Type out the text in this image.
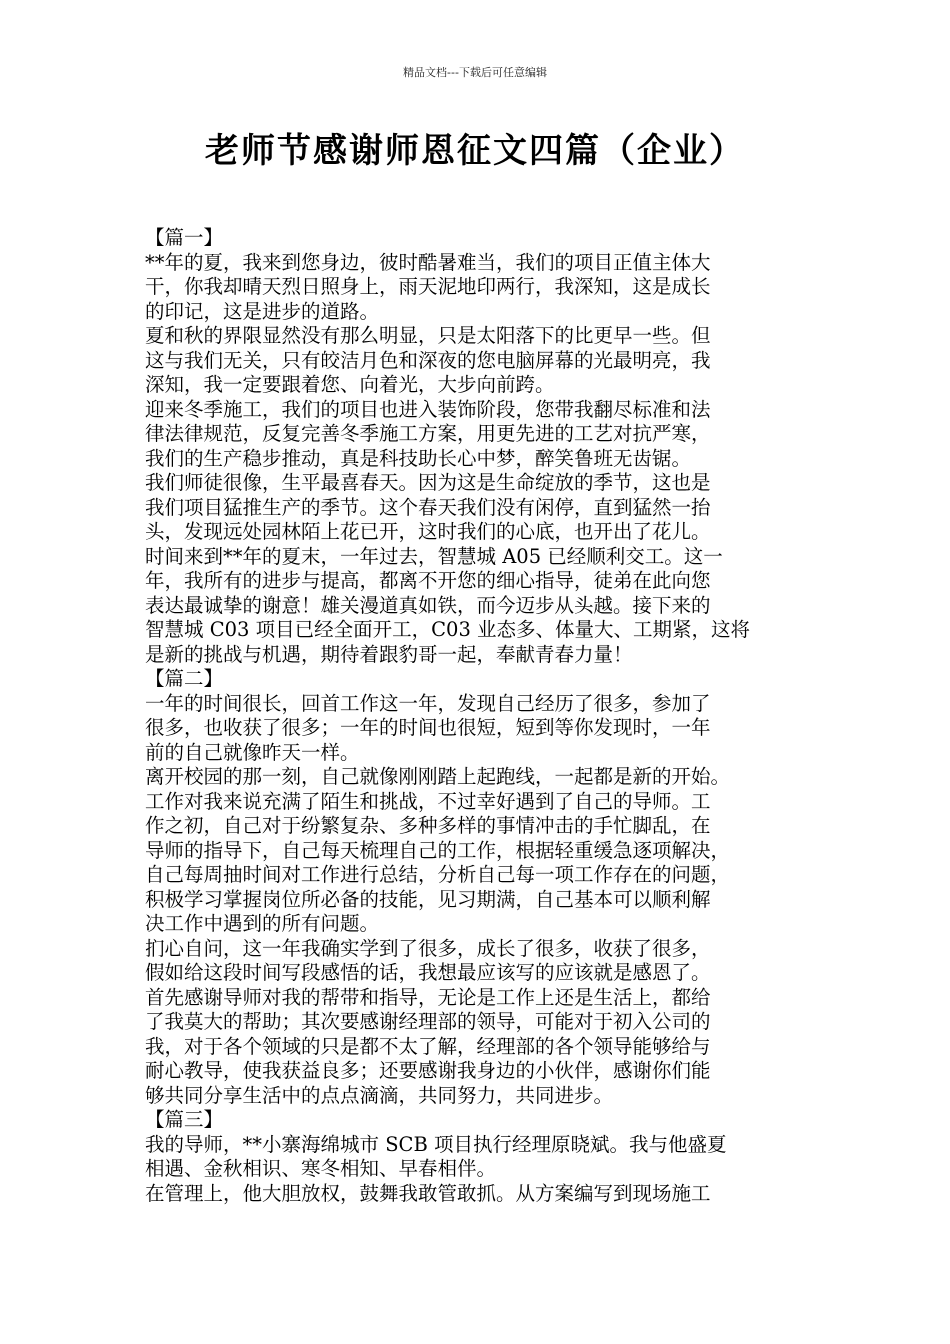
精品文档---下载后可任意编辑
老师节感谢师恩征文四篇（企业）
【篇一】
**年的夏，我来到您身边，彼时酷暑难当，我们的项目正值主体大
干，你我却晴天烈日照身上，雨天泥地印两行，我深知，这是成长
的印记，这是进步的道路。
夏和秋的界限显然没有那么明显，只是太阳落下的比更早一些。但
这与我们无关，只有皎洁月色和深夜的您电脑屏幕的光最明亮，我
深知，我一定要跟着您、向着光，大步向前跨。
迎来冬季施工，我们的项目也进入装饰阶段，您带我翻尽标准和法
律法律规范，反复完善冬季施工方案，用更先进的工艺对抗严寒，
我们的生产稳步推动，真是科技助长心中梦，醉笑鲁班无齿锯。
我们师徒很像，生平最喜春天。因为这是生命绽放的季节，这也是
我们项目猛推生产的季节。这个春天我们没有闲停，直到猛然一抬
头，发现远处园林陌上花已开，这时我们的心底，也开出了花儿。
时间来到**年的夏末，一年过去，智慧城 A05 已经顺利交工。这一
年，我所有的进步与提高，都离不开您的细心指导，徒弟在此向您
表达最诚挚的谢意！雄关漫道真如铁，而今迈步从头越。接下来的
智慧城 C03 项目已经全面开工，C03 业态多、体量大、工期紧，这将
是新的挑战与机遇，期待着跟豹哥一起，奉献青春力量！
【篇二】
一年的时间很长，回首工作这一年，发现自己经历了很多，参加了
很多，也收获了很多；一年的时间也很短，短到等你发现时，一年
前的自己就像昨天一样。
离开校园的那一刻，自己就像刚刚踏上起跑线，一起都是新的开始。
工作对我来说充满了陌生和挑战，不过幸好遇到了自己的导师。工
作之初，自己对于纷繁复杂、多种多样的事情冲击的手忙脚乱，在
导师的指导下，自己每天梳理自己的工作，根据轻重缓急逐项解决，
自己每周抽时间对工作进行总结，分析自己每一项工作存在的问题，
积极学习掌握岗位所必备的技能，见习期满，自己基本可以顺利解
决工作中遇到的所有问题。
扪心自问，这一年我确实学到了很多，成长了很多，收获了很多，
假如给这段时间写段感悟的话，我想最应该写的应该就是感恩了。
首先感谢导师对我的帮带和指导，无论是工作上还是生活上，都给
了我莫大的帮助；其次要感谢经理部的领导，可能对于初入公司的
我，对于各个领域的只是都不太了解，经理部的各个领导能够给与
耐心教导，使我获益良多；还要感谢我身边的小伙伴，感谢你们能
够共同分享生活中的点点滴滴，共同努力，共同进步。
【篇三】
我的导师，**小寨海绵城市 SCB 项目执行经理原晓斌。我与他盛夏
相遇、金秋相识、寒冬相知、早春相伴。
在管理上，他大胆放权，鼓舞我敢管敢抓。从方案编写到现场施工
